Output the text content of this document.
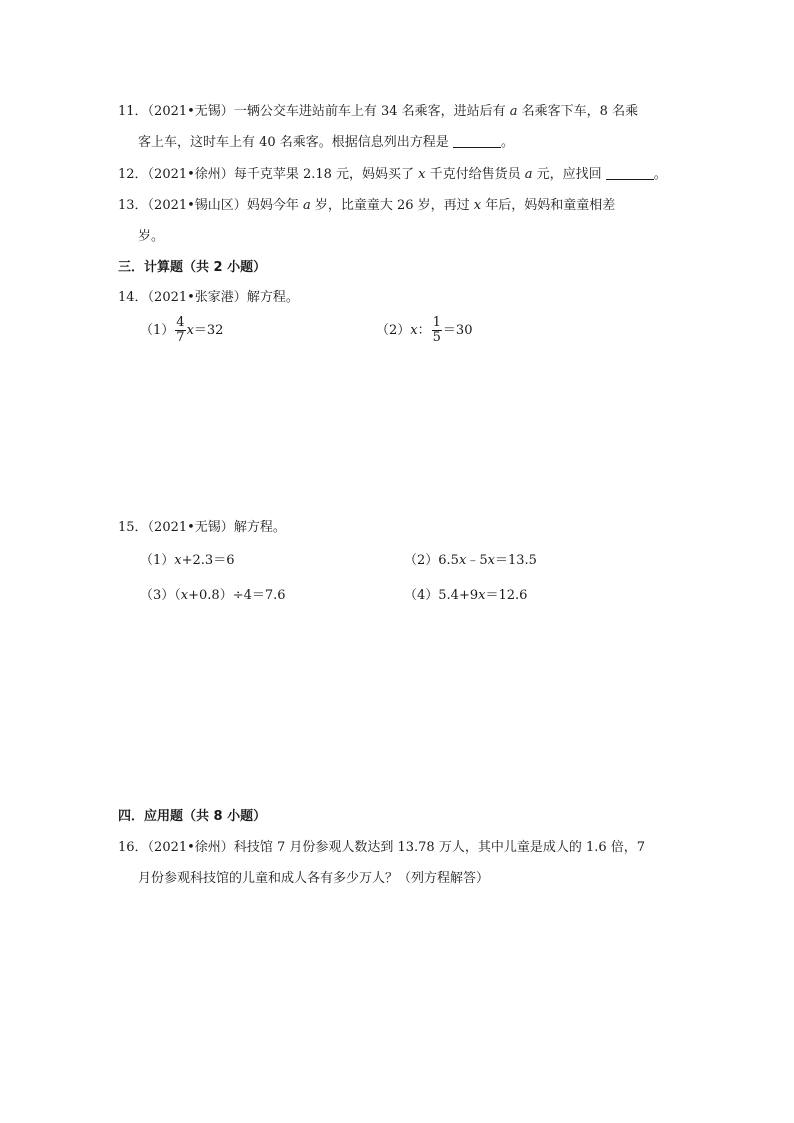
11．（2021•无锡）一辆公交车进站前车上有 34 名乘客，进站后有 a 名乘客下车，8 名乘
客上车，这时车上有 40 名乘客。根据信息列出方程是	。
12．（2021•徐州）每千克苹果 2.18 元，妈妈买了 x 千克付给售货员 a 元，应找回	。
13．（2021•锡山区）妈妈今年 a 岁，比童童大 26 岁，再过 x 年后，妈妈和童童相差
岁。
三．计算题（共 2 小题）
14．（2021•张家港）解方程。
$(1) \frac{4}{7} x=32$	（2）x： $\frac{1}{5} =30$
15．（2021•无锡）解方程。
（1）x+2.3＝6	（2）6.5x﹣5x＝13.5
（3）（x+0.8）÷4＝7.6	（4）5.4+9x＝12.6
四．应用题（共 8 小题）
16．（2021•徐州）科技馆 7 月份参观人数达到 13.78 万人，其中儿童是成人的 1.6 倍，7
月份参观科技馆的儿童和成人各有多少万人？（列方程解答）
